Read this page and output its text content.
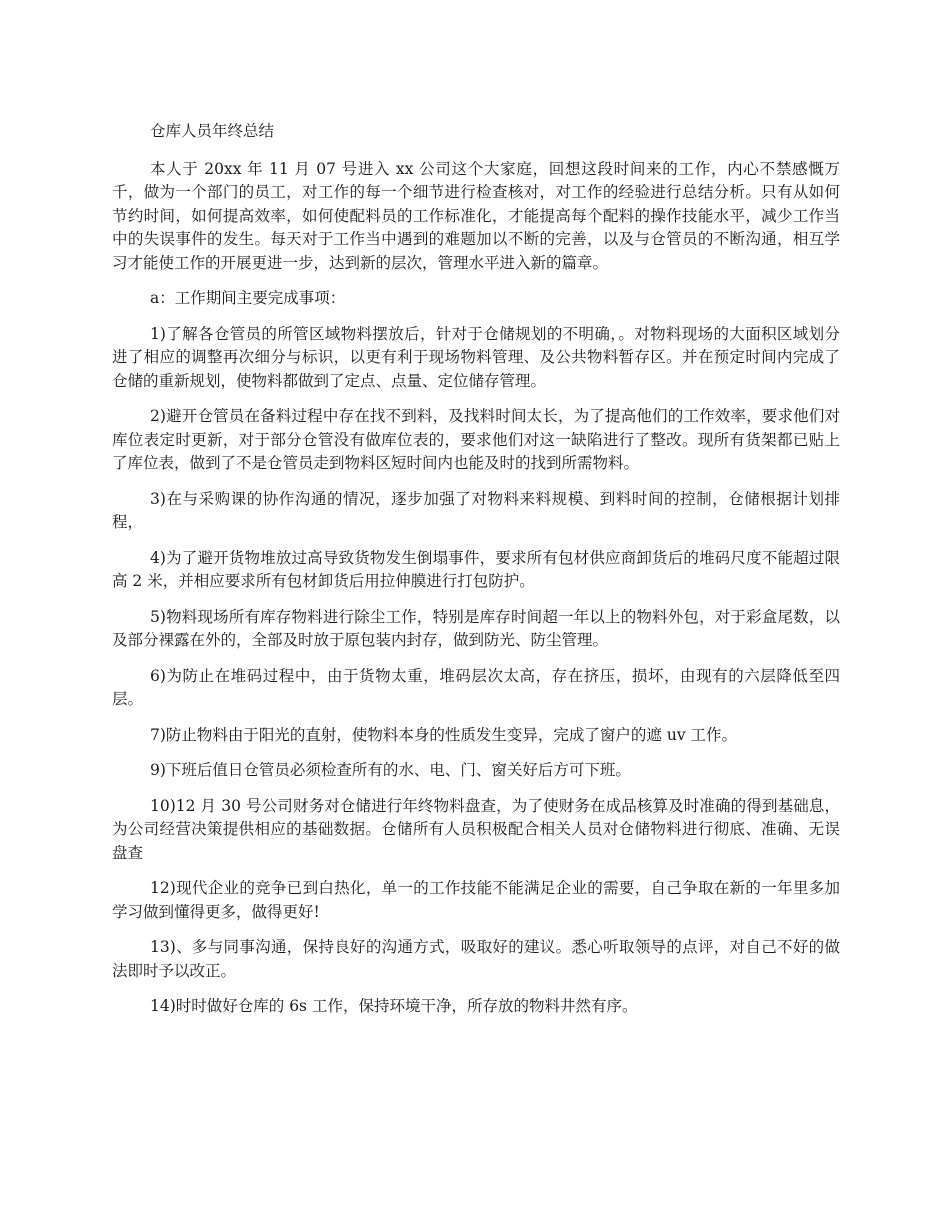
仓库人员年终总结

本人于 20xx 年 11 月 07 号进入 xx 公司这个大家庭，回想这段时间来的工作，内心不禁感慨万千，做为一个部门的员工，对工作的每一个细节进行检查核对，对工作的经验进行总结分析。只有从如何节约时间，如何提高效率，如何使配料员的工作标准化，才能提高每个配料的操作技能水平，减少工作当中的失误事件的发生。每天对于工作当中遇到的难题加以不断的完善，以及与仓管员的不断沟通，相互学习才能使工作的开展更进一步，达到新的层次，管理水平进入新的篇章。

a：工作期间主要完成事项：

1)了解各仓管员的所管区域物料摆放后，针对于仓储规划的不明确，。对物料现场的大面积区域划分进了相应的调整再次细分与标识，以更有利于现场物料管理、及公共物料暂存区。并在预定时间内完成了仓储的重新规划，使物料都做到了定点、点量、定位储存管理。

2)避开仓管员在备料过程中存在找不到料，及找料时间太长，为了提高他们的工作效率，要求他们对库位表定时更新，对于部分仓管没有做库位表的，要求他们对这一缺陷进行了整改。现所有货架都已贴上了库位表，做到了不是仓管员走到物料区短时间内也能及时的找到所需物料。

3)在与采购课的协作沟通的情况，逐步加强了对物料来料规模、到料时间的控制，仓储根据计划排程，

4)为了避开货物堆放过高导致货物发生倒塌事件，要求所有包材供应商卸货后的堆码尺度不能超过限高 2 米，并相应要求所有包材卸货后用拉伸膜进行打包防护。

5)物料现场所有库存物料进行除尘工作，特别是库存时间超一年以上的物料外包，对于彩盒尾数，以及部分裸露在外的，全部及时放于原包装内封存，做到防光、防尘管理。

6)为防止在堆码过程中，由于货物太重，堆码层次太高，存在挤压，损坏，由现有的六层降低至四层。

7)防止物料由于阳光的直射，使物料本身的性质发生变异，完成了窗户的遮 uv 工作。

9)下班后值日仓管员必须检查所有的水、电、门、窗关好后方可下班。

10)12 月 30 号公司财务对仓储进行年终物料盘查，为了使财务在成品核算及时准确的得到基础息，为公司经营决策提供相应的基础数据。仓储所有人员积极配合相关人员对仓储物料进行彻底、准确、无误盘查

12)现代企业的竞争已到白热化，单一的工作技能不能满足企业的需要，自己争取在新的一年里多加学习做到懂得更多，做得更好!

13)、多与同事沟通，保持良好的沟通方式，吸取好的建议。悉心听取领导的点评，对自己不好的做法即时予以改正。

14)时时做好仓库的 6s 工作，保持环境干净，所存放的物料井然有序。
